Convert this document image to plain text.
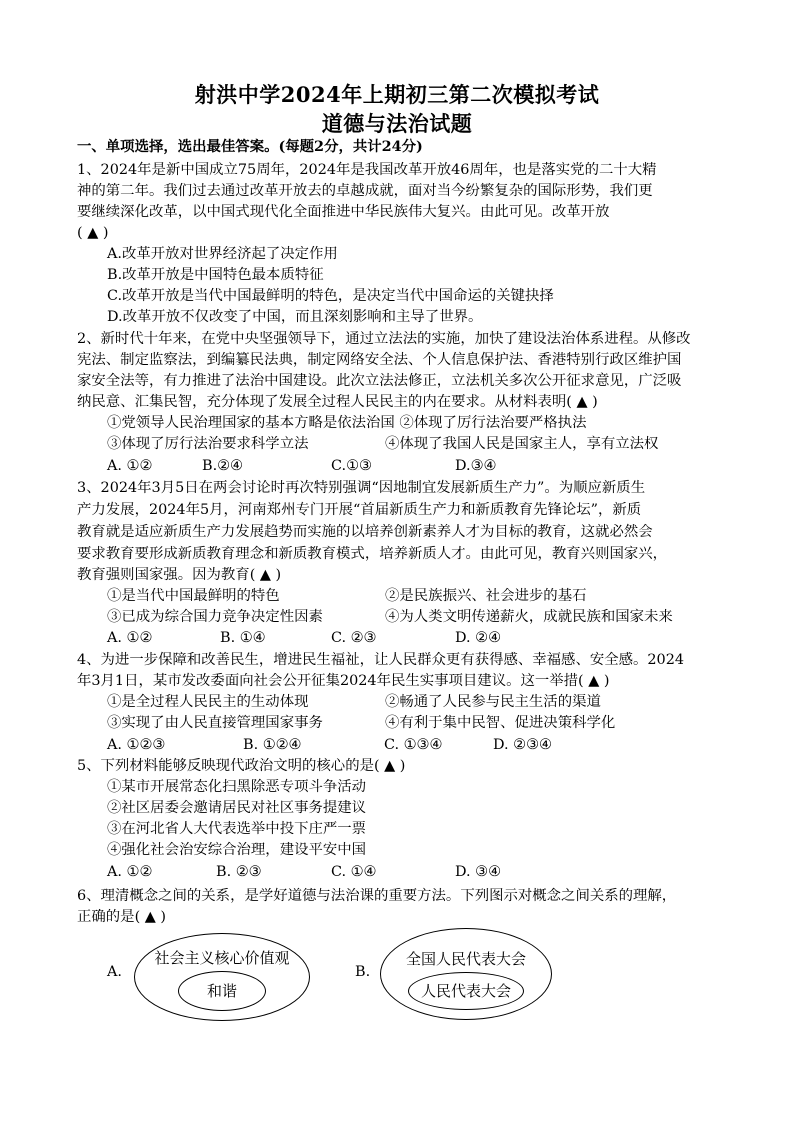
射洪中学2024年上期初三第二次模拟考试
道德与法治试题
一、单项选择，选出最佳答案。(每题2分，共计24分)
1、2024年是新中国成立75周年，2024年是我国改革开放46周年，也是落实党的二十大精
神的第二年。我们过去通过改革开放去的卓越成就，面对当今纷繁复杂的国际形势，我们更
要继续深化改革，以中国式现代化全面推进中华民族伟大复兴。由此可见。改革开放
( ▲ )
A.改革开放对世界经济起了决定作用
B.改革开放是中国特色最本质特征
C.改革开放是当代中国最鲜明的特色，是决定当代中国命运的关键抉择
D.改革开放不仅改变了中国，而且深刻影响和主导了世界。
2、新时代十年来，在党中央坚强领导下，通过立法法的实施，加快了建设法治体系进程。从修改
宪法、制定监察法，到编纂民法典，制定网络安全法、个人信息保护法、香港特别行政区维护国
家安全法等，有力推进了法治中国建设。此次立法法修正，立法机关多次公开征求意见，广泛吸
纳民意、汇集民智，充分体现了发展全过程人民民主的内在要求。从材料表明( ▲ )
①党领导人民治理国家的基本方略是依法治国 ②体现了厉行法治要严格执法
③体现了厉行法治要求科学立法	④体现了我国人民是国家主人，享有立法权
A. ①②	B.②④	C.①③	D.③④
3、2024年3月5日在两会讨论时再次特别强调“因地制宜发展新质生产力”。为顺应新质生
产力发展，2024年5月，河南郑州专门开展“首届新质生产力和新质教育先锋论坛”，新质
教育就是适应新质生产力发展趋势而实施的以培养创新素养人才为目标的教育，这就必然会
要求教育要形成新质教育理念和新质教育模式，培养新质人才。由此可见，教育兴则国家兴，
教育强则国家强。因为教育( ▲ )
①是当代中国最鲜明的特色	②是民族振兴、社会进步的基石
③已成为综合国力竞争决定性因素	④为人类文明传递薪火，成就民族和国家未来
A. ①②	B. ①④	C. ②③	D. ②④
4、为进一步保障和改善民生，增进民生福祉，让人民群众更有获得感、幸福感、安全感。2024
年3月1日，某市发改委面向社会公开征集2024年民生实事项目建议。这一举措( ▲ )
①是全过程人民民主的生动体现	②畅通了人民参与民主生活的渠道
③实现了由人民直接管理国家事务	④有利于集中民智、促进决策科学化
A. ①②③	B. ①②④	C. ①③④	D. ②③④
5、下列材料能够反映现代政治文明的核心的是( ▲ )
①某市开展常态化扫黑除恶专项斗争活动
②社区居委会邀请居民对社区事务提建议
③在河北省人大代表选举中投下庄严一票
④强化社会治安综合治理，建设平安中国
A. ①②	B. ②③	C. ①④	D. ③④
6、理清概念之间的关系，是学好道德与法治课的重要方法。下列图示对概念之间关系的理解，
正确的是( ▲ )
A.
社会主义核心价值观
和谐
B.
全国人民代表大会
人民代表大会
